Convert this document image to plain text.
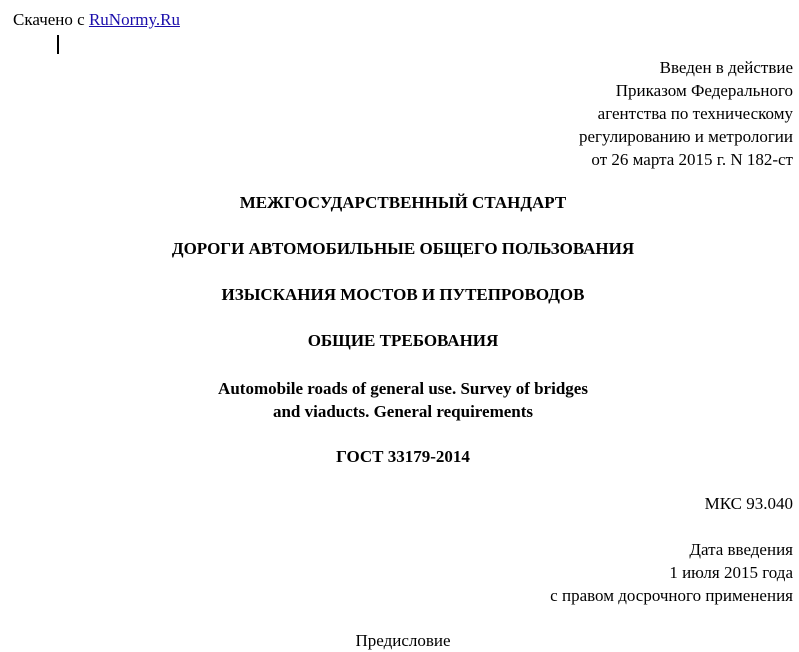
Скачено с RuNormy.Ru
Введен в действие
Приказом Федерального
агентства по техническому
регулированию и метрологии
от 26 марта 2015 г. N 182-ст
МЕЖГОСУДАРСТВЕННЫЙ СТАНДАРТ
ДОРОГИ АВТОМОБИЛЬНЫЕ ОБЩЕГО ПОЛЬЗОВАНИЯ
ИЗЫСКАНИЯ МОСТОВ И ПУТЕПРОВОДОВ
ОБЩИЕ ТРЕБОВАНИЯ
Automobile roads of general use. Survey of bridges
and viaducts. General requirements
ГОСТ 33179-2014
МКС 93.040
Дата введения
1 июля 2015 года
с правом досрочного применения
Предисловие
